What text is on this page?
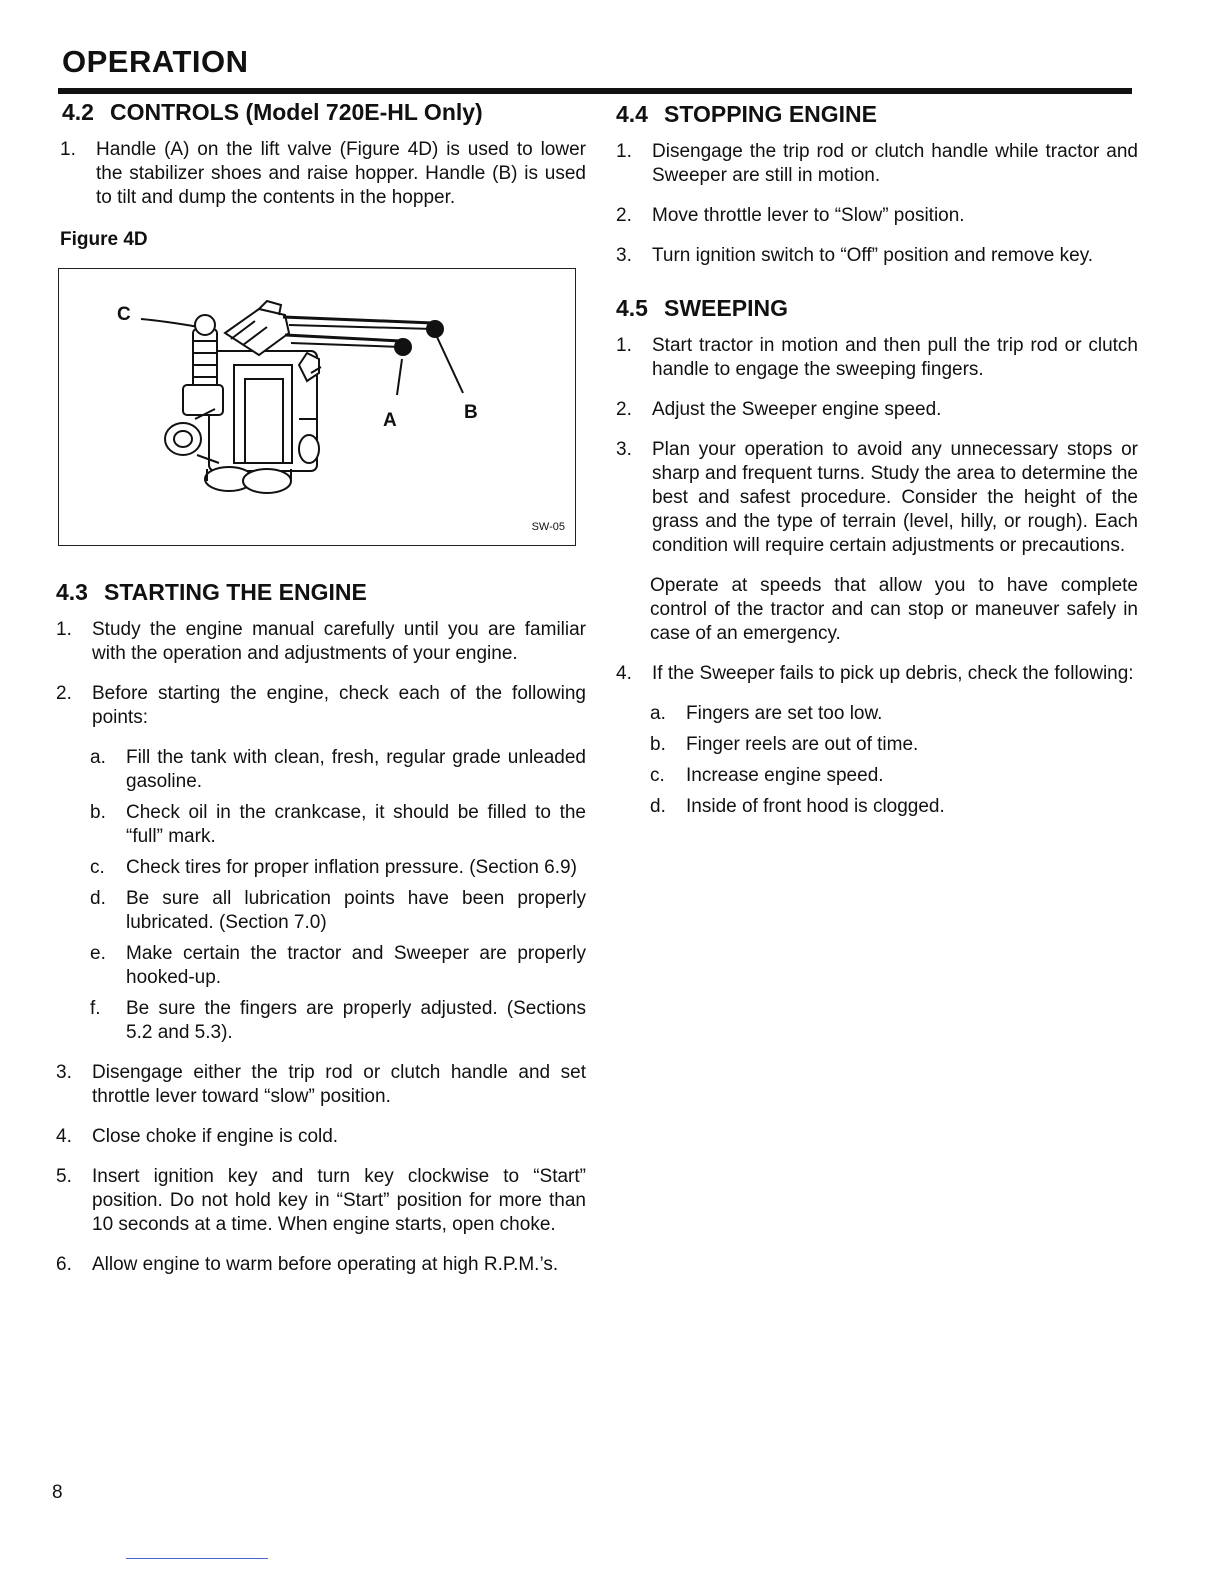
OPERATION
4.2 CONTROLS (Model 720E-HL Only)
1.	Handle (A) on the lift valve (Figure 4D) is used to lower the stabilizer shoes and raise hopper. Handle (B) is used to tilt and dump the contents in the hopper.

Figure 4D

C
A	B
SW-05
4.3 STARTING THE ENGINE
1.	Study the engine manual carefully until you are familiar with the operation and adjustments of your engine.
2.	Before starting the engine, check each of the following points:
a.	Fill the tank with clean, fresh, regular grade unleaded gasoline.
b.	Check oil in the crankcase, it should be filled to the “full” mark.
c.	Check tires for proper inflation pressure. (Section 6.9)
d.	Be sure all lubrication points have been properly lubricated. (Section 7.0)
e.	Make certain the tractor and Sweeper are properly hooked-up.
f.	Be sure the fingers are properly adjusted. (Sections 5.2 and 5.3).
3.	Disengage either the trip rod or clutch handle and set throttle lever toward “slow” position.
4.	Close choke if engine is cold.
5.	Insert ignition key and turn key clockwise to “Start” position. Do not hold key in “Start” position for more than 10 seconds at a time. When engine starts, open choke.
6.	Allow engine to warm before operating at high R.P.M.’s.
4.4 STOPPING ENGINE
1.	Disengage the trip rod or clutch handle while tractor and Sweeper are still in motion.
2.	Move throttle lever to “Slow” position.
3.	Turn ignition switch to “Off” position and remove key.
4.5 SWEEPING
1.	Start tractor in motion and then pull the trip rod or clutch handle to engage the sweeping fingers.
2.	Adjust the Sweeper engine speed.
3.	Plan your operation to avoid any unnecessary stops or sharp and frequent turns. Study the area to determine the best and safest procedure. Consider the height of the grass and the type of terrain (level, hilly, or rough). Each condition will require certain adjustments or precautions.
Operate at speeds that allow you to have complete control of the tractor and can stop or maneuver safely in case of an emergency.
4.	If the Sweeper fails to pick up debris, check the following:
a.	Fingers are set too low.
b.	Finger reels are out of time.
c.	Increase engine speed.
d.	Inside of front hood is clogged.
8
